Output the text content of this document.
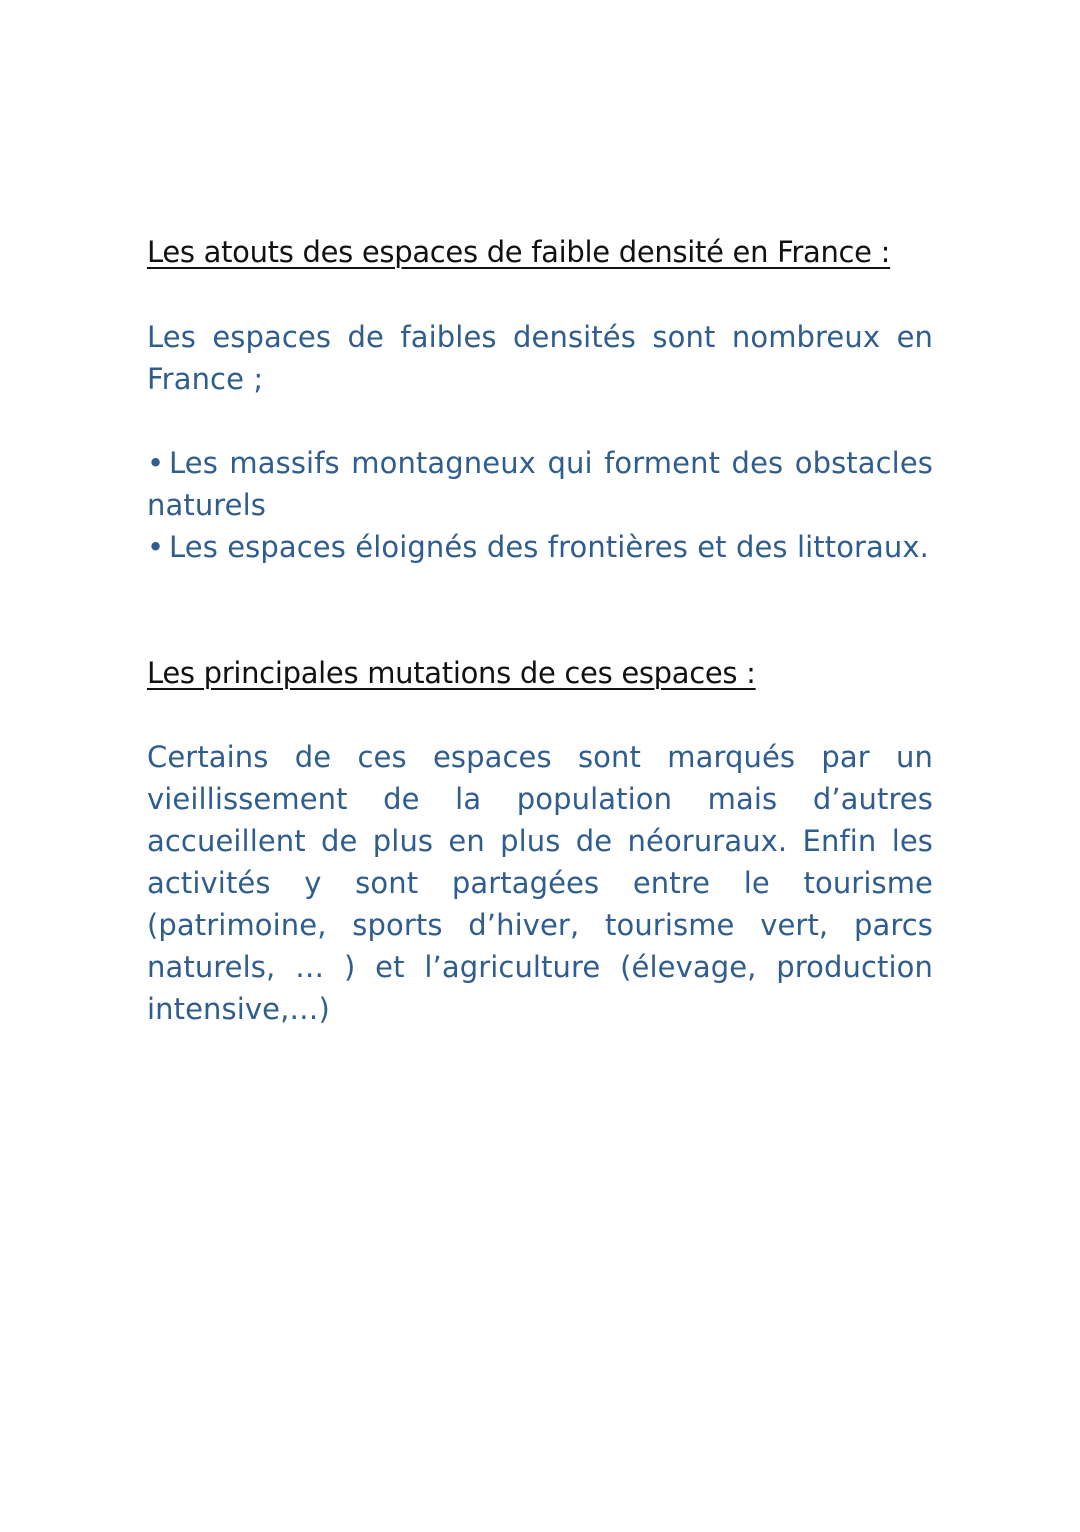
Les atouts des espaces de faible densité en France :

Les espaces de faibles densités sont nombreux en France ;

• Les massifs montagneux qui forment des obstacles naturels
• Les espaces éloignés des frontières et des littoraux.
Les principales mutations de ces espaces :

Certains de ces espaces sont marqués par un vieillissement de la population mais d’autres accueillent de plus en plus de néoruraux. Enfin les activités y sont partagées entre le tourisme (patrimoine, sports d’hiver, tourisme vert, parcs naturels, … ) et l’agriculture (élevage, production intensive,…)
